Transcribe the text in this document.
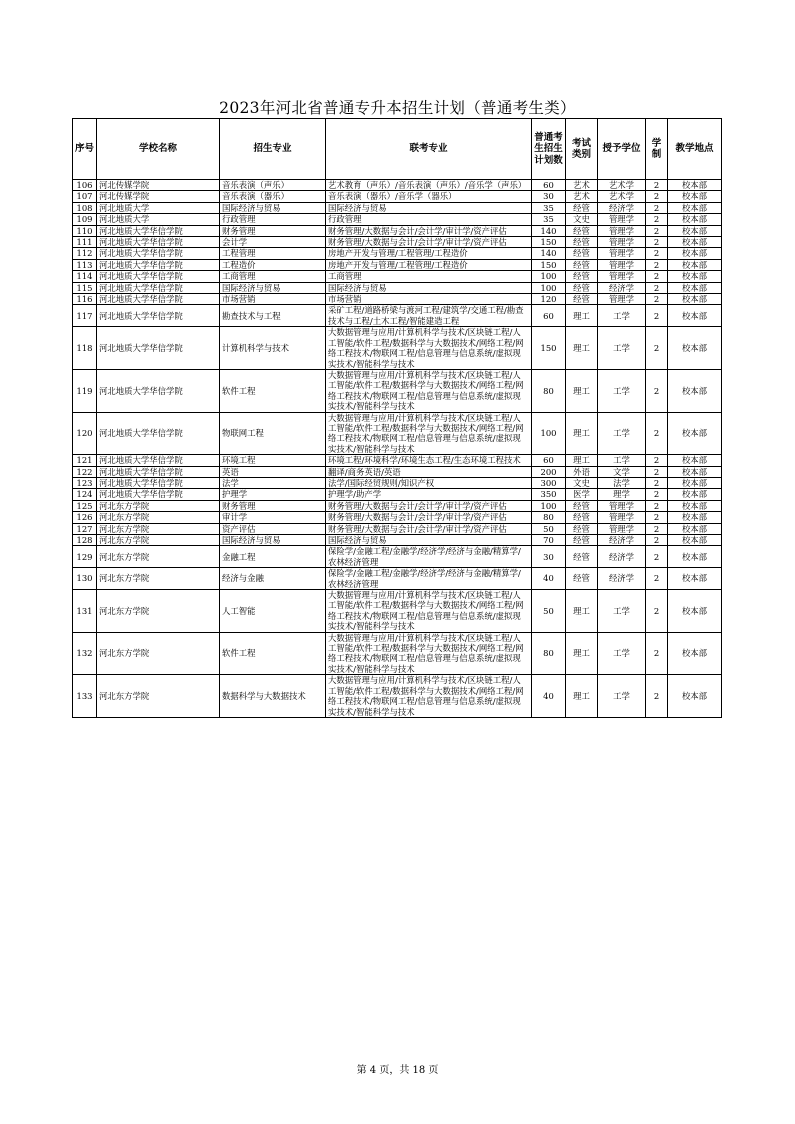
2023年河北省普通专升本招生计划（普通考生类）
序号	学校名称	招生专业	联考专业	普通考生招生计划数	考试类别	授予学位	学制	教学地点
106	河北传媒学院	音乐表演（声乐）	艺术教育（声乐）/音乐表演（声乐）/音乐学（声乐）	60	艺术	艺术学	2	校本部
107	河北传媒学院	音乐表演（器乐）	音乐表演（器乐）/音乐学（器乐）	30	艺术	艺术学	2	校本部
108	河北地质大学	国际经济与贸易	国际经济与贸易	35	经管	经济学	2	校本部
109	河北地质大学	行政管理	行政管理	35	文史	管理学	2	校本部
110	河北地质大学华信学院	财务管理	财务管理/大数据与会计/会计学/审计学/资产评估	140	经管	管理学	2	校本部
111	河北地质大学华信学院	会计学	财务管理/大数据与会计/会计学/审计学/资产评估	150	经管	管理学	2	校本部
112	河北地质大学华信学院	工程管理	房地产开发与管理/工程管理/工程造价	140	经管	管理学	2	校本部
113	河北地质大学华信学院	工程造价	房地产开发与管理/工程管理/工程造价	150	经管	管理学	2	校本部
114	河北地质大学华信学院	工商管理	工商管理	100	经管	管理学	2	校本部
115	河北地质大学华信学院	国际经济与贸易	国际经济与贸易	100	经管	经济学	2	校本部
116	河北地质大学华信学院	市场营销	市场营销	120	经管	管理学	2	校本部
117	河北地质大学华信学院	勘查技术与工程	采矿工程/道路桥梁与渡河工程/建筑学/交通工程/勘查技术与工程/土木工程/智能建造工程	60	理工	工学	2	校本部
118	河北地质大学华信学院	计算机科学与技术	大数据管理与应用/计算机科学与技术/区块链工程/人工智能/软件工程/数据科学与大数据技术/网络工程/网络工程技术/物联网工程/信息管理与信息系统/虚拟现实技术/智能科学与技术	150	理工	工学	2	校本部
119	河北地质大学华信学院	软件工程	大数据管理与应用/计算机科学与技术/区块链工程/人工智能/软件工程/数据科学与大数据技术/网络工程/网络工程技术/物联网工程/信息管理与信息系统/虚拟现实技术/智能科学与技术	80	理工	工学	2	校本部
120	河北地质大学华信学院	物联网工程	大数据管理与应用/计算机科学与技术/区块链工程/人工智能/软件工程/数据科学与大数据技术/网络工程/网络工程技术/物联网工程/信息管理与信息系统/虚拟现实技术/智能科学与技术	100	理工	工学	2	校本部
121	河北地质大学华信学院	环境工程	环境工程/环境科学/环境生态工程/生态环境工程技术	60	理工	工学	2	校本部
122	河北地质大学华信学院	英语	翻译/商务英语/英语	200	外语	文学	2	校本部
123	河北地质大学华信学院	法学	法学/国际经贸规则/知识产权	300	文史	法学	2	校本部
124	河北地质大学华信学院	护理学	护理学/助产学	350	医学	理学	2	校本部
125	河北东方学院	财务管理	财务管理/大数据与会计/会计学/审计学/资产评估	100	经管	管理学	2	校本部
126	河北东方学院	审计学	财务管理/大数据与会计/会计学/审计学/资产评估	80	经管	管理学	2	校本部
127	河北东方学院	资产评估	财务管理/大数据与会计/会计学/审计学/资产评估	50	经管	管理学	2	校本部
128	河北东方学院	国际经济与贸易	国际经济与贸易	70	经管	经济学	2	校本部
129	河北东方学院	金融工程	保险学/金融工程/金融学/经济学/经济与金融/精算学/农林经济管理	30	经管	经济学	2	校本部
130	河北东方学院	经济与金融	保险学/金融工程/金融学/经济学/经济与金融/精算学/农林经济管理	40	经管	经济学	2	校本部
131	河北东方学院	人工智能	大数据管理与应用/计算机科学与技术/区块链工程/人工智能/软件工程/数据科学与大数据技术/网络工程/网络工程技术/物联网工程/信息管理与信息系统/虚拟现实技术/智能科学与技术	50	理工	工学	2	校本部
132	河北东方学院	软件工程	大数据管理与应用/计算机科学与技术/区块链工程/人工智能/软件工程/数据科学与大数据技术/网络工程/网络工程技术/物联网工程/信息管理与信息系统/虚拟现实技术/智能科学与技术	80	理工	工学	2	校本部
133	河北东方学院	数据科学与大数据技术	大数据管理与应用/计算机科学与技术/区块链工程/人工智能/软件工程/数据科学与大数据技术/网络工程/网络工程技术/物联网工程/信息管理与信息系统/虚拟现实技术/智能科学与技术	40	理工	工学	2	校本部
第 4 页，共 18 页
